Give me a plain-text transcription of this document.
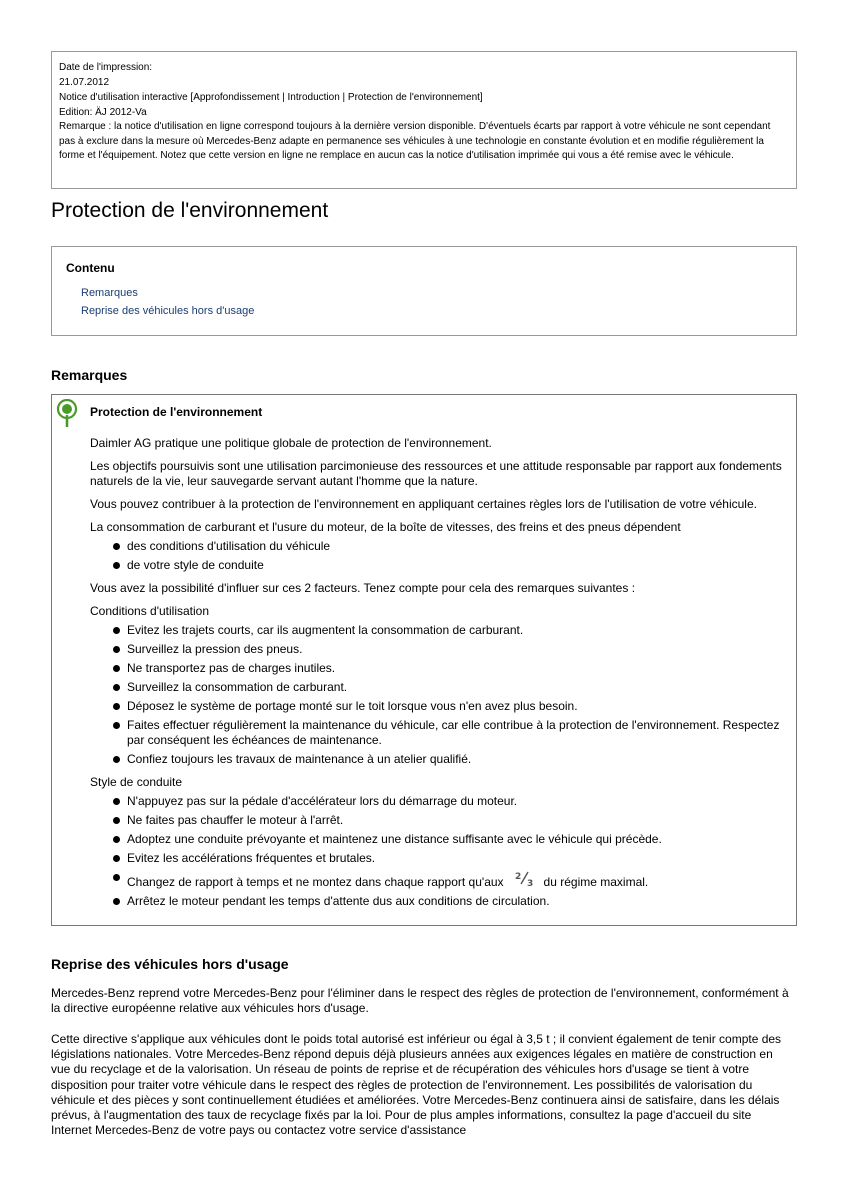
Date de l'impression:
21.07.2012
Notice d'utilisation interactive [Approfondissement | Introduction | Protection de l'environnement]
Edition: ÄJ 2012-Va
Remarque : la notice d'utilisation en ligne correspond toujours à la dernière version disponible. D'éventuels écarts par rapport à votre véhicule ne sont cependant pas à exclure dans la mesure où Mercedes-Benz adapte en permanence ses véhicules à une technologie en constante évolution et en modifie régulièrement la forme et l'équipement. Notez que cette version en ligne ne remplace en aucun cas la notice d'utilisation imprimée qui vous a été remise avec le véhicule.
Protection de l'environnement
Contenu
Remarques
Reprise des véhicules hors d'usage
Remarques
Protection de l'environnement

Daimler AG pratique une politique globale de protection de l'environnement.

Les objectifs poursuivis sont une utilisation parcimonieuse des ressources et une attitude responsable par rapport aux fondements naturels de la vie, leur sauvegarde servant autant l'homme que la nature.

Vous pouvez contribuer à la protection de l'environnement en appliquant certaines règles lors de l'utilisation de votre véhicule.

La consommation de carburant et l'usure du moteur, de la boîte de vitesses, des freins et des pneus dépendent

des conditions d'utilisation du véhicule
de votre style de conduite

Vous avez la possibilité d'influer sur ces 2 facteurs. Tenez compte pour cela des remarques suivantes :

Conditions d'utilisation

Evitez les trajets courts, car ils augmentent la consommation de carburant.
Surveillez la pression des pneus.
Ne transportez pas de charges inutiles.
Surveillez la consommation de carburant.
Déposez le système de portage monté sur le toit lorsque vous n'en avez plus besoin.
Faites effectuer régulièrement la maintenance du véhicule, car elle contribue à la protection de l'environnement. Respectez par conséquent les échéances de maintenance.
Confiez toujours les travaux de maintenance à un atelier qualifié.

Style de conduite

N'appuyez pas sur la pédale d'accélérateur lors du démarrage du moteur.
Ne faites pas chauffer le moteur à l'arrêt.
Adoptez une conduite prévoyante et maintenez une distance suffisante avec le véhicule qui précède.
Evitez les accélérations fréquentes et brutales.
Changez de rapport à temps et ne montez dans chaque rapport qu'aux 2
3 du régime maximal.
Arrêtez le moteur pendant les temps d'attente dus aux conditions de circulation.
Reprise des véhicules hors d'usage

Mercedes-Benz reprend votre Mercedes-Benz pour l'éliminer dans le respect des règles de protection de l'environnement, conformément à la directive européenne relative aux véhicules hors d'usage.

Cette directive s'applique aux véhicules dont le poids total autorisé est inférieur ou égal à 3,5 t ; il convient également de tenir compte des législations nationales. Votre Mercedes-Benz répond depuis déjà plusieurs années aux exigences légales en matière de construction en vue du recyclage et de la valorisation. Un réseau de points de reprise et de récupération des véhicules hors d'usage se tient à votre disposition pour traiter votre véhicule dans le respect des règles de protection de l'environnement. Les possibilités de valorisation du véhicule et des pièces y sont continuellement étudiées et améliorées. Votre Mercedes-Benz continuera ainsi de satisfaire, dans les délais prévus, à l'augmentation des taux de recyclage fixés par la loi. Pour de plus amples informations, consultez la page d'accueil du site Internet Mercedes-Benz de votre pays ou contactez votre service d'assistance
